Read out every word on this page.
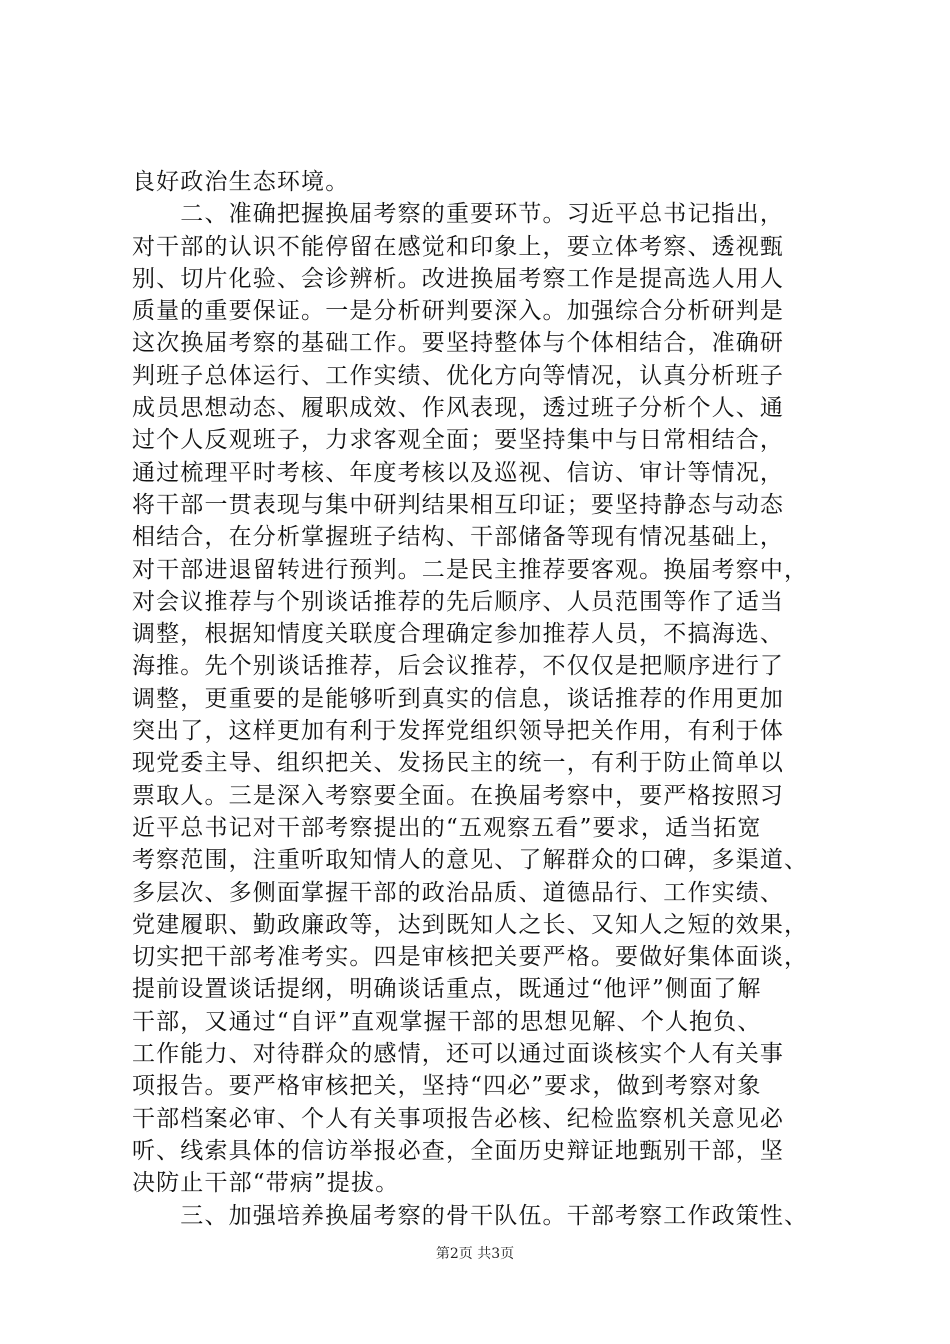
良好政治生态环境。
　　二、准确把握换届考察的重要环节。习近平总书记指出，
对干部的认识不能停留在感觉和印象上，要立体考察、透视甄
别、切片化验、会诊辨析。改进换届考察工作是提高选人用人
质量的重要保证。一是分析研判要深入。加强综合分析研判是
这次换届考察的基础工作。要坚持整体与个体相结合，准确研
判班子总体运行、工作实绩、优化方向等情况，认真分析班子
成员思想动态、履职成效、作风表现，透过班子分析个人、通
过个人反观班子，力求客观全面；要坚持集中与日常相结合，
通过梳理平时考核、年度考核以及巡视、信访、审计等情况，
将干部一贯表现与集中研判结果相互印证；要坚持静态与动态
相结合，在分析掌握班子结构、干部储备等现有情况基础上，
对干部进退留转进行预判。二是民主推荐要客观。换届考察中，
对会议推荐与个别谈话推荐的先后顺序、人员范围等作了适当
调整，根据知情度关联度合理确定参加推荐人员，不搞海选、
海推。先个别谈话推荐，后会议推荐，不仅仅是把顺序进行了
调整，更重要的是能够听到真实的信息，谈话推荐的作用更加
突出了，这样更加有利于发挥党组织领导把关作用，有利于体
现党委主导、组织把关、发扬民主的统一，有利于防止简单以
票取人。三是深入考察要全面。在换届考察中，要严格按照习
近平总书记对干部考察提出的“五观察五看”要求，适当拓宽
考察范围，注重听取知情人的意见、了解群众的口碑，多渠道、
多层次、多侧面掌握干部的政治品质、道德品行、工作实绩、
党建履职、勤政廉政等，达到既知人之长、又知人之短的效果，
切实把干部考准考实。四是审核把关要严格。要做好集体面谈，
提前设置谈话提纲，明确谈话重点，既通过“他评”侧面了解
干部，又通过“自评”直观掌握干部的思想见解、个人抱负、
工作能力、对待群众的感情，还可以通过面谈核实个人有关事
项报告。要严格审核把关，坚持“四必”要求，做到考察对象
干部档案必审、个人有关事项报告必核、纪检监察机关意见必
听、线索具体的信访举报必查，全面历史辩证地甄别干部，坚
决防止干部“带病”提拔。
　　三、加强培养换届考察的骨干队伍。干部考察工作政策性、
第2页 共3页
